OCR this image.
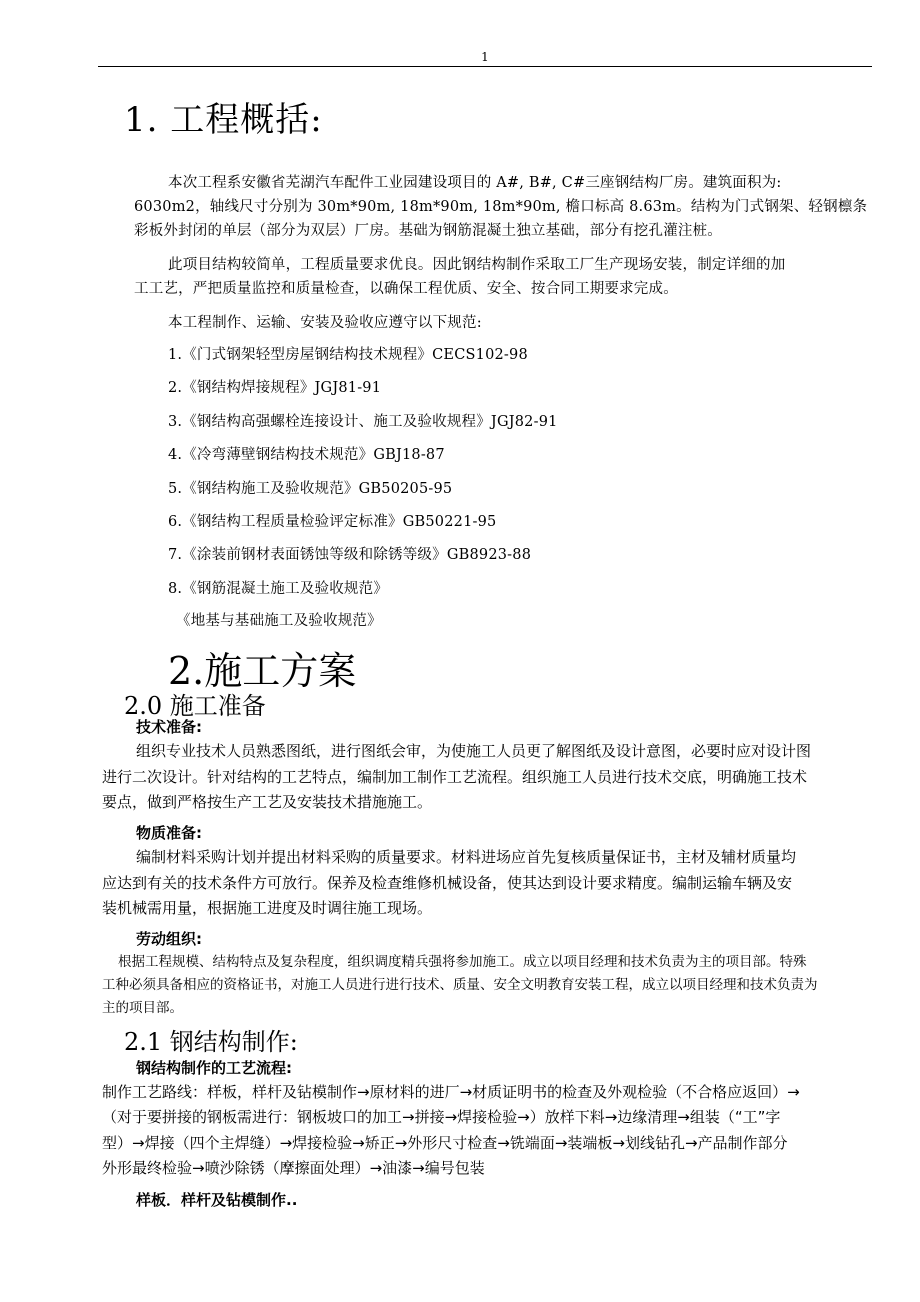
1
1. 工程概括:
本次工程系安徽省芜湖汽车配件工业园建设项目的 A#, B#, C#三座钢结构厂房。建筑面积为:
6030m2，轴线尺寸分别为 30m*90m, 18m*90m, 18m*90m, 檐口标高 8.63m。结构为门式钢架、轻钢檩条
彩板外封闭的单层（部分为双层）厂房。基础为钢筋混凝土独立基础，部分有挖孔灌注桩。
此项目结构较简单，工程质量要求优良。因此钢结构制作采取工厂生产现场安装，制定详细的加
工工艺，严把质量监控和质量检查，以确保工程优质、安全、按合同工期要求完成。
本工程制作、运输、安装及验收应遵守以下规范:
1.《门式钢架轻型房屋钢结构技术规程》CECS102-98
2.《钢结构焊接规程》JGJ81-91
3.《钢结构高强螺栓连接设计、施工及验收规程》JGJ82-91
4.《冷弯薄壁钢结构技术规范》GBJ18-87
5.《钢结构施工及验收规范》GB50205-95
6.《钢结构工程质量检验评定标准》GB50221-95
7.《涂装前钢材表面锈蚀等级和除锈等级》GB8923-88
8.《钢筋混凝土施工及验收规范》
《地基与基础施工及验收规范》
2.施工方案
2.0 施工准备
技术准备:
组织专业技术人员熟悉图纸，进行图纸会审，为使施工人员更了解图纸及设计意图，必要时应对设计图
进行二次设计。针对结构的工艺特点，编制加工制作工艺流程。组织施工人员进行技术交底，明确施工技术
要点，做到严格按生产工艺及安装技术措施施工。
物质准备:
编制材料采购计划并提出材料采购的质量要求。材料进场应首先复核质量保证书，主材及辅材质量均
应达到有关的技术条件方可放行。保养及检查维修机械设备，使其达到设计要求精度。编制运输车辆及安
装机械需用量，根据施工进度及时调往施工现场。
劳动组织:
根据工程规模、结构特点及复杂程度，组织调度精兵强将参加施工。成立以项目经理和技术负责为主的项目部。特殊
工种必须具备相应的资格证书，对施工人员进行进行技术、质量、安全文明教育安装工程，成立以项目经理和技术负责为
主的项目部。
2.1 钢结构制作:
钢结构制作的工艺流程:
制作工艺路线：样板，样杆及钻模制作→原材料的进厂→材质证明书的检查及外观检验（不合格应返回）→
（对于要拼接的钢板需进行：钢板坡口的加工→拼接→焊接检验→）放样下料→边缘清理→组装（“工”字
型）→焊接（四个主焊缝）→焊接检验→矫正→外形尺寸检查→铣端面→装端板→划线钻孔→产品制作部分
外形最终检验→喷沙除锈（摩擦面处理）→油漆→编号包装
样板．样杆及钻模制作..
